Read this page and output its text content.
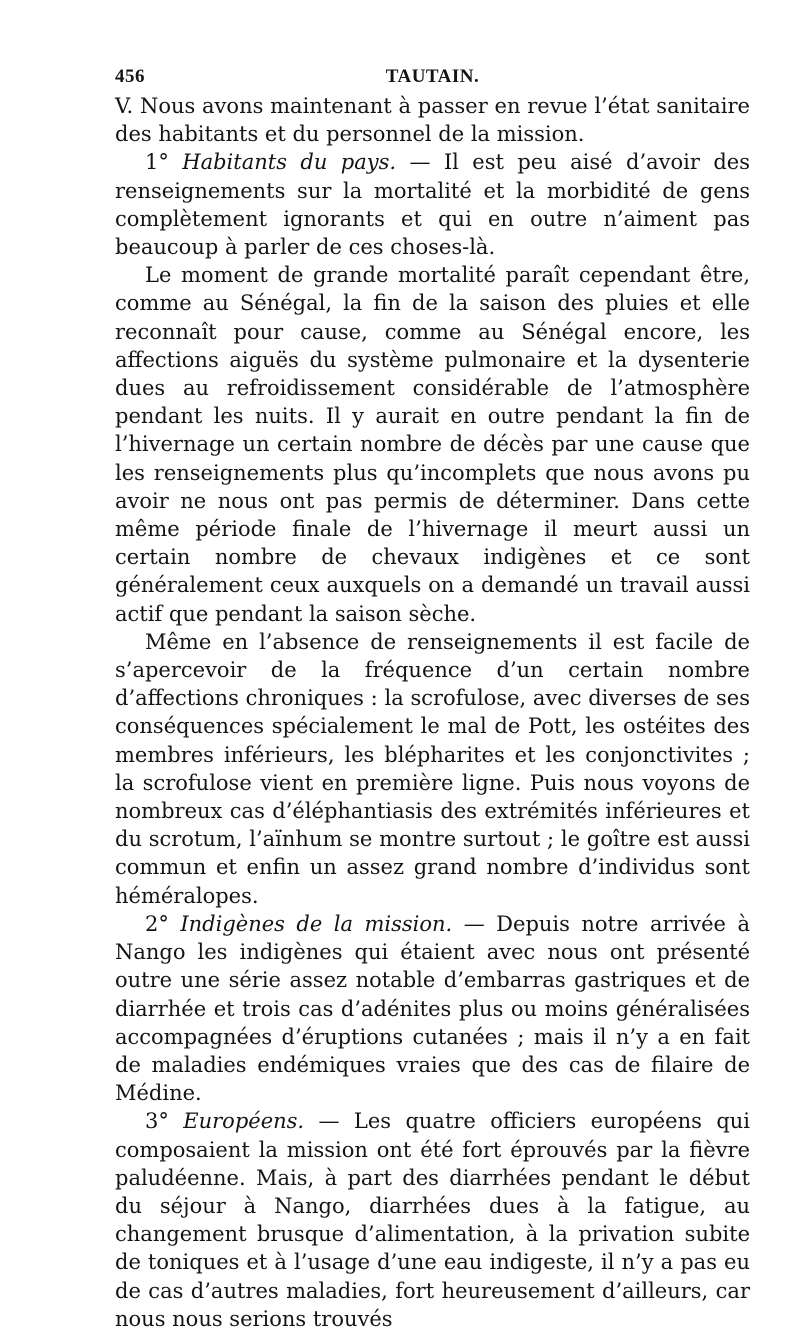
456	TAUTAIN.

V. Nous avons maintenant à passer en revue l’état sanitaire des habitants et du personnel de la mission.

1° Habitants du pays. — Il est peu aisé d’avoir des renseignements sur la mortalité et la morbidité de gens complètement ignorants et qui en outre n’aiment pas beaucoup à parler de ces choses-là.

Le moment de grande mortalité paraît cependant être, comme au Sénégal, la fin de la saison des pluies et elle reconnaît pour cause, comme au Sénégal encore, les affections aiguës du système pulmonaire et la dysenterie dues au refroidissement considérable de l’atmosphère pendant les nuits. Il y aurait en outre pendant la fin de l’hivernage un certain nombre de décès par une cause que les renseignements plus qu’incomplets que nous avons pu avoir ne nous ont pas permis de déterminer. Dans cette même période finale de l’hivernage il meurt aussi un certain nombre de chevaux indigènes et ce sont généralement ceux auxquels on a demandé un travail aussi actif que pendant la saison sèche.

Même en l’absence de renseignements il est facile de s’apercevoir de la fréquence d’un certain nombre d’affections chroniques : la scrofulose, avec diverses de ses conséquences spécialement le mal de Pott, les ostéites des membres inférieurs, les blépharites et les conjonctivites ; la scrofulose vient en première ligne. Puis nous voyons de nombreux cas d’éléphantiasis des extrémités inférieures et du scrotum, l’aïnhum se montre surtout ; le goître est aussi commun et enfin un assez grand nombre d’individus sont héméralopes.

2° Indigènes de la mission. — Depuis notre arrivée à Nango les indigènes qui étaient avec nous ont présenté outre une série assez notable d’embarras gastriques et de diarrhée et trois cas d’adénites plus ou moins généralisées accompagnées d’éruptions cutanées ; mais il n’y a en fait de maladies endémiques vraies que des cas de filaire de Médine.

3° Européens. — Les quatre officiers européens qui composaient la mission ont été fort éprouvés par la fièvre paludéenne. Mais, à part des diarrhées pendant le début du séjour à Nango, diarrhées dues à la fatigue, au changement brusque d’alimentation, à la privation subite de toniques et à l’usage d’une eau indigeste, il n’y a pas eu de cas d’autres maladies, fort heureusement d’ailleurs, car nous nous serions trouvés
